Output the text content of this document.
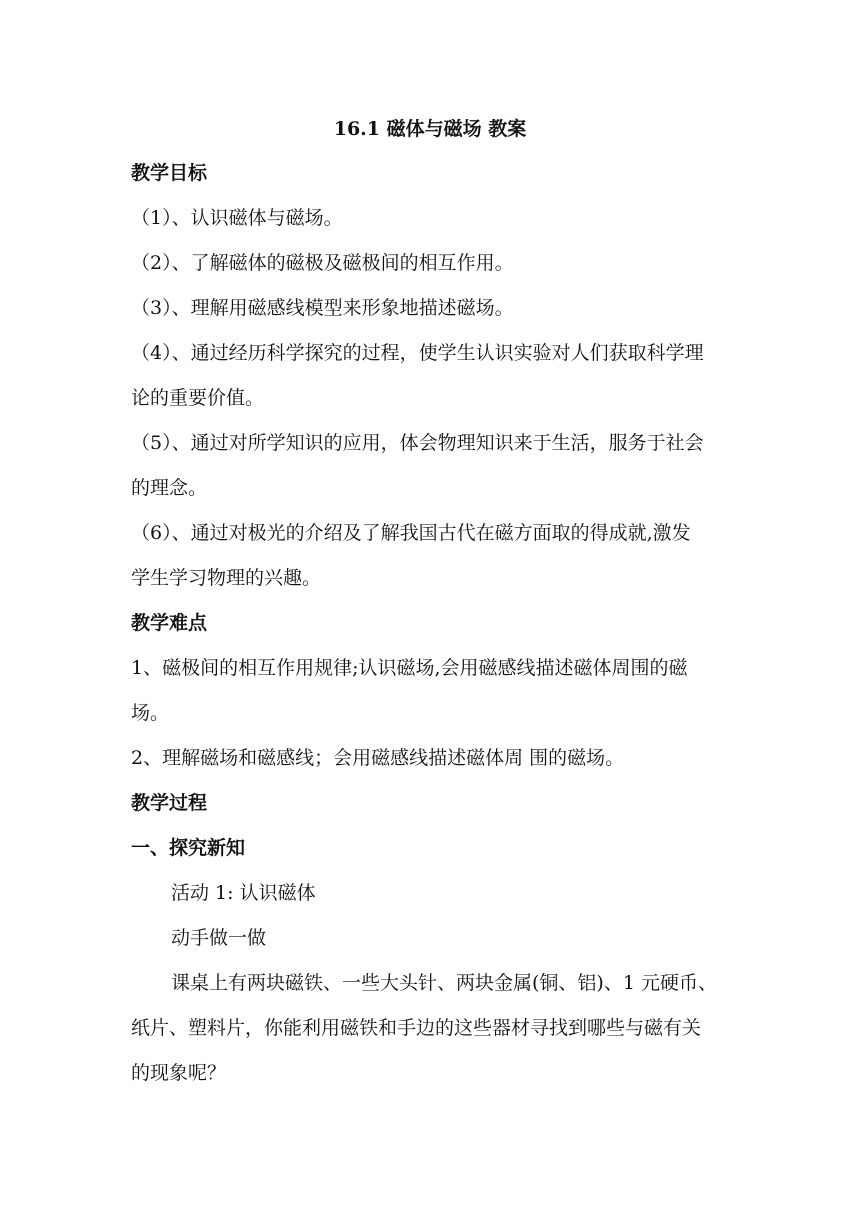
16.1 磁体与磁场 教案
教学目标
（1）、认识磁体与磁场。
（2）、了解磁体的磁极及磁极间的相互作用。
（3）、理解用磁感线模型来形象地描述磁场。
（4）、通过经历科学探究的过程，使学生认识实验对人们获取科学理
论的重要价值。
（5）、通过对所学知识的应用，体会物理知识来于生活，服务于社会
的理念。
（6）、通过对极光的介绍及了解我国古代在磁方面取的得成就,激发
学生学习物理的兴趣。
教学难点
1、磁极间的相互作用规律;认识磁场,会用磁感线描述磁体周围的磁
场。
2、理解磁场和磁感线；会用磁感线描述磁体周 围的磁场。
教学过程
一、探究新知
活动 1: 认识磁体
动手做一做
课桌上有两块磁铁、一些大头针、两块金属(铜、铝)、1 元硬币、
纸片、塑料片，你能利用磁铁和手边的这些器材寻找到哪些与磁有关
的现象呢？
